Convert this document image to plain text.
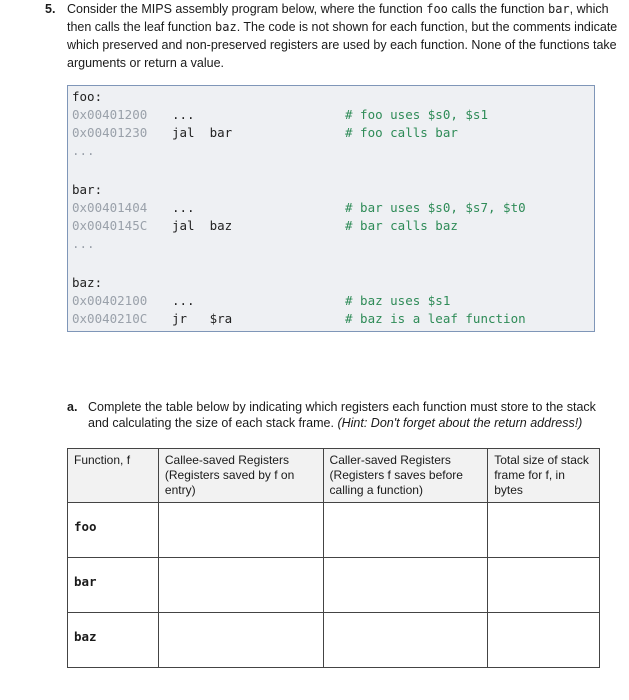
5. Consider the MIPS assembly program below, where the function foo calls the function bar, which then calls the leaf function baz. The code is not shown for each function, but the comments indicate which preserved and non-preserved registers are used by each function. None of the functions take arguments or return a value.
foo:
0x00401200 ...	# foo uses $s0, $s1
0x00401230 jal  bar	# foo calls bar
...
bar:
0x00401404 ...	# bar uses $s0, $s7, $t0
0x0040145C jal  baz	# bar calls baz
...
baz:
0x00402100 ...	# baz uses $s1
0x0040210C jr   $ra	# baz is a leaf function
a. Complete the table below by indicating which registers each function must store to the stack and calculating the size of each stack frame. (Hint: Don't forget about the return address!)
Function, f	Callee-saved Registers (Registers saved by f on entry)	Caller-saved Registers (Registers f saves before calling a function)	Total size of stack frame for f, in bytes
foo			
bar			
baz			
